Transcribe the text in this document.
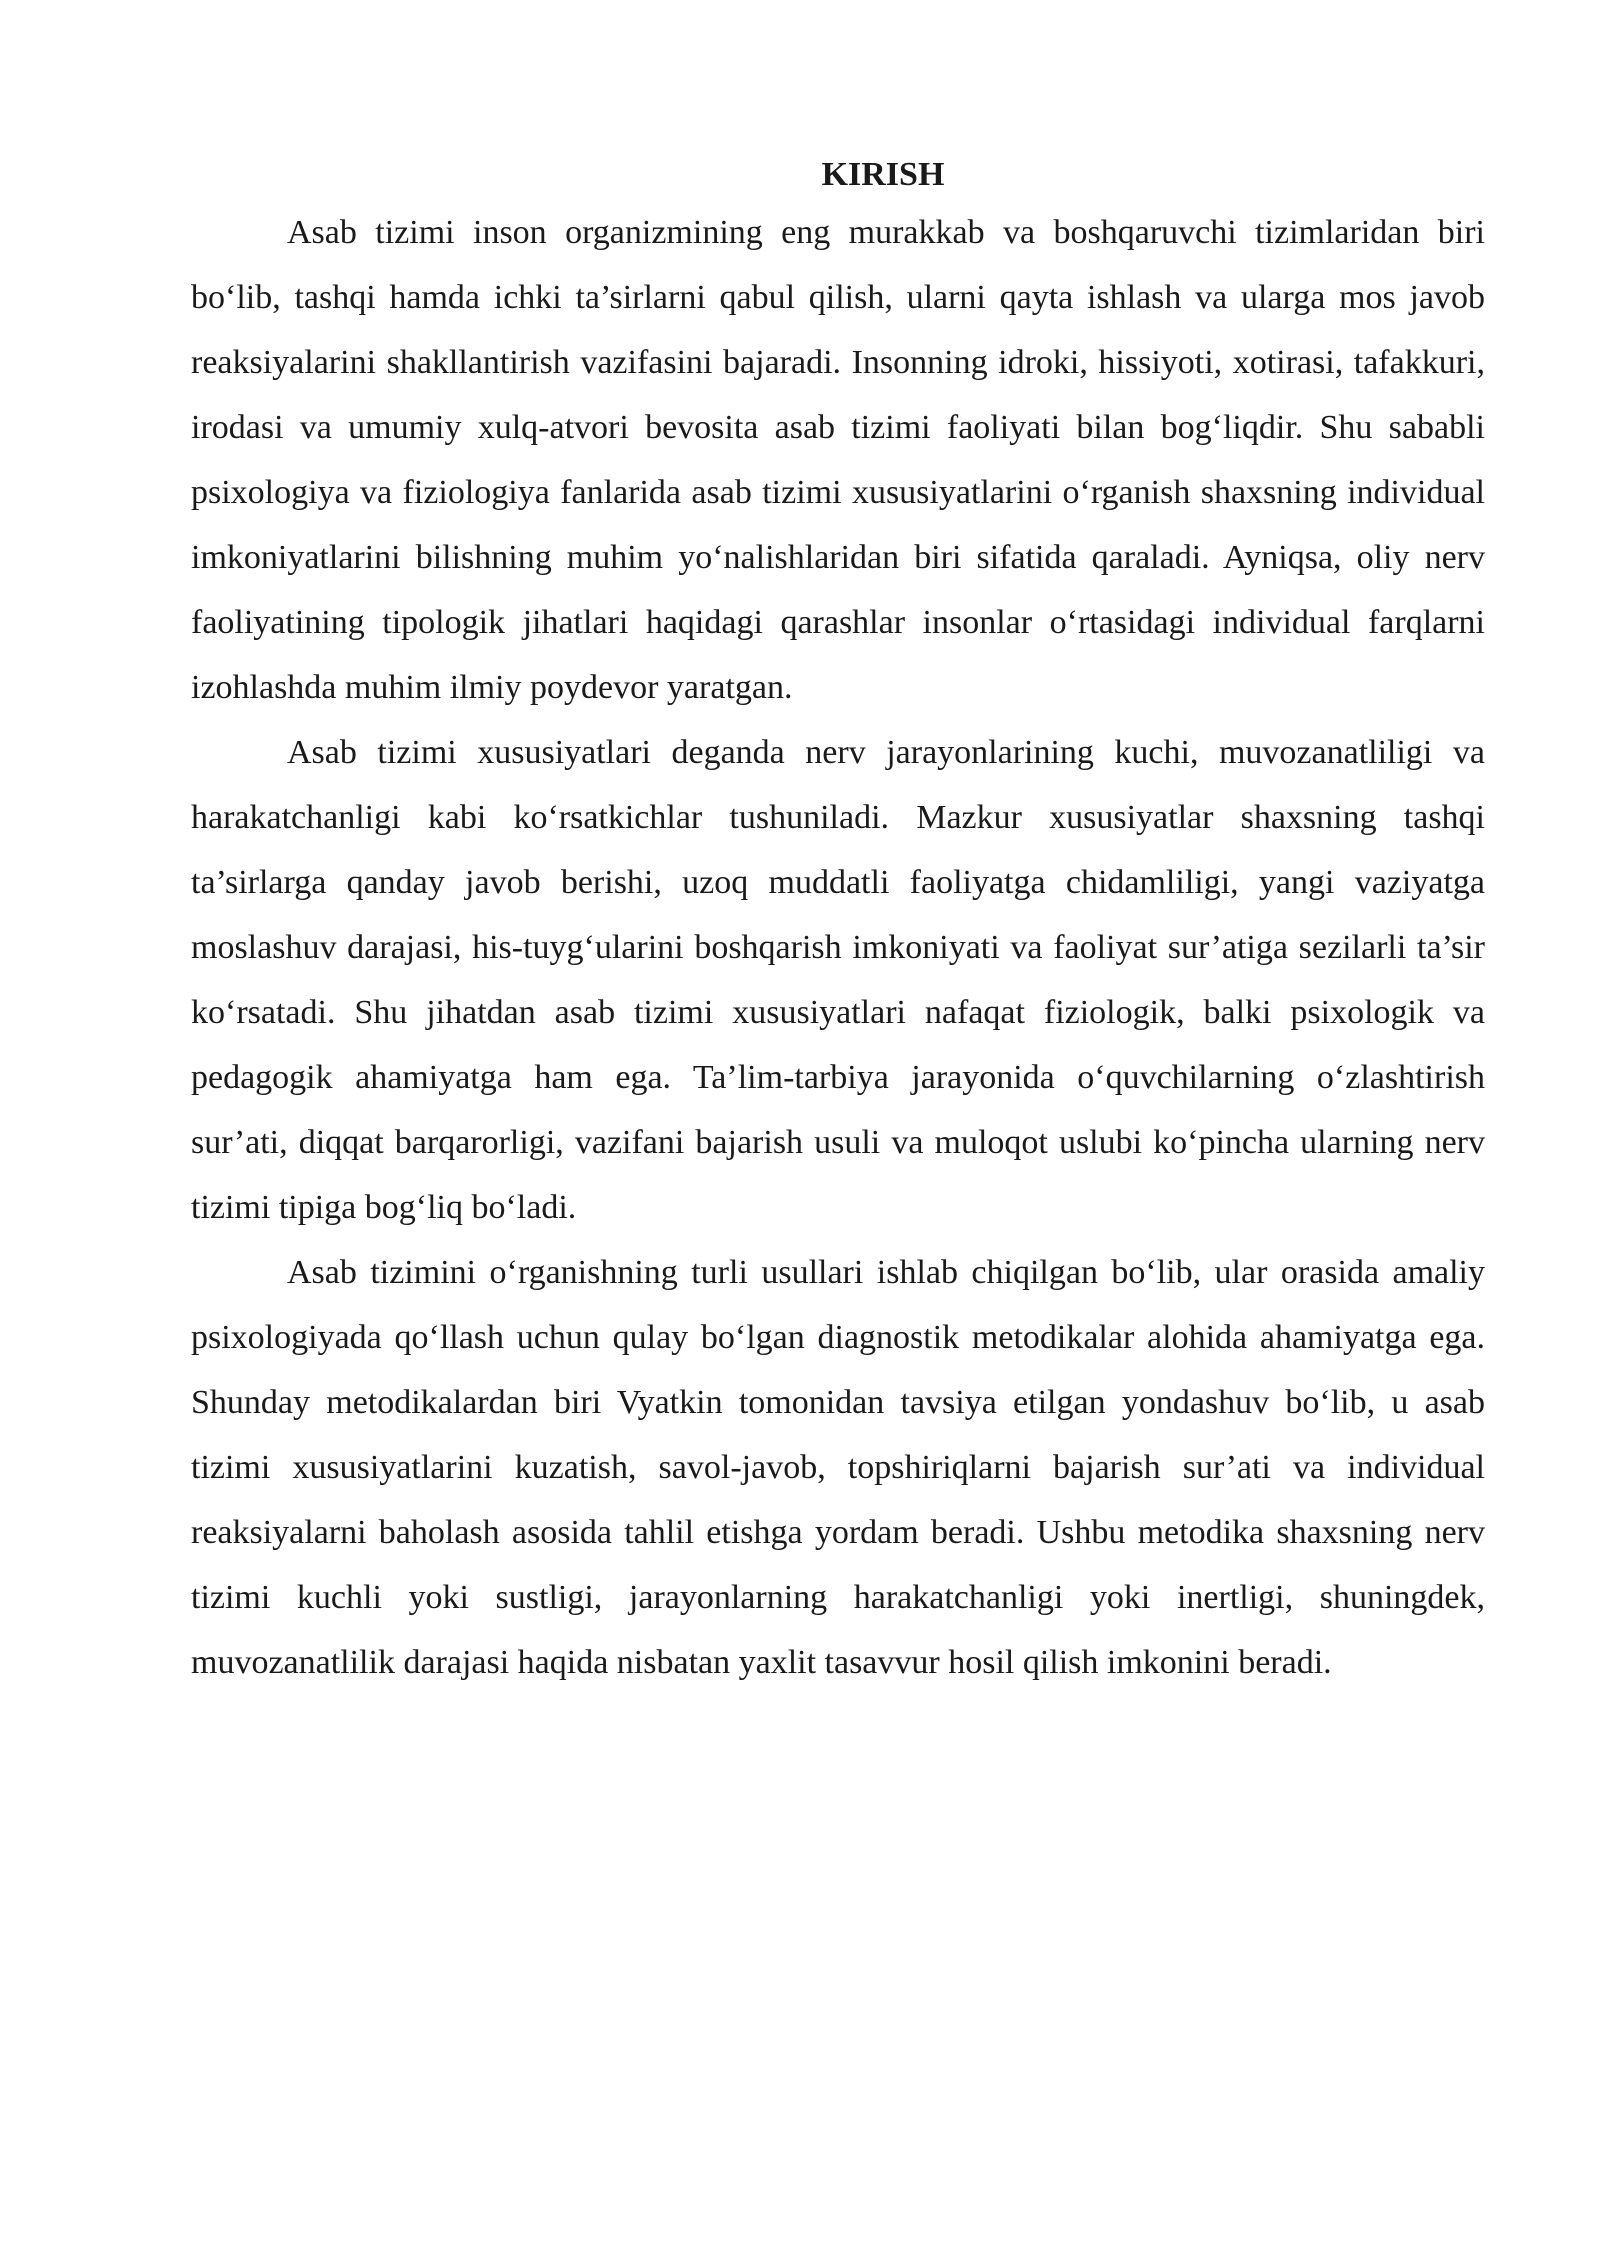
KIRISH

Asab tizimi inson organizmining eng murakkab va boshqaruvchi tizimlaridan biri bo‘lib, tashqi hamda ichki ta’sirlarni qabul qilish, ularni qayta ishlash va ularga mos javob reaksiyalarini shakllantirish vazifasini bajaradi. Insonning idroki, hissiyoti, xotirasi, tafakkuri, irodasi va umumiy xulq-atvori bevosita asab tizimi faoliyati bilan bog‘liqdir. Shu sababli psixologiya va fiziologiya fanlarida asab tizimi xususiyatlarini o‘rganish shaxsning individual imkoniyatlarini bilishning muhim yo‘nalishlaridan biri sifatida qaraladi. Ayniqsa, oliy nerv faoliyatining tipologik jihatlari haqidagi qarashlar insonlar o‘rtasidagi individual farqlarni izohlashda muhim ilmiy poydevor yaratgan.

Asab tizimi xususiyatlari deganda nerv jarayonlarining kuchi, muvozanatliligi va harakatchanligi kabi ko‘rsatkichlar tushuniladi. Mazkur xususiyatlar shaxsning tashqi ta’sirlarga qanday javob berishi, uzoq muddatli faoliyatga chidamliligi, yangi vaziyatga moslashuv darajasi, his-tuyg‘ularini boshqarish imkoniyati va faoliyat sur’atiga sezilarli ta’sir ko‘rsatadi. Shu jihatdan asab tizimi xususiyatlari nafaqat fiziologik, balki psixologik va pedagogik ahamiyatga ham ega. Ta’lim-tarbiya jarayonida o‘quvchilarning o‘zlashtirish sur’ati, diqqat barqarorligi, vazifani bajarish usuli va muloqot uslubi ko‘pincha ularning nerv tizimi tipiga bog‘liq bo‘ladi.

Asab tizimini o‘rganishning turli usullari ishlab chiqilgan bo‘lib, ular orasida amaliy psixologiyada qo‘llash uchun qulay bo‘lgan diagnostik metodikalar alohida ahamiyatga ega. Shunday metodikalardan biri Vyatkin tomonidan tavsiya etilgan yondashuv bo‘lib, u asab tizimi xususiyatlarini kuzatish, savol-javob, topshiriqlarni bajarish sur’ati va individual reaksiyalarni baholash asosida tahlil etishga yordam beradi. Ushbu metodika shaxsning nerv tizimi kuchli yoki sustligi, jarayonlarning harakatchanligi yoki inertligi, shuningdek, muvozanatlilik darajasi haqida nisbatan yaxlit tasavvur hosil qilish imkonini beradi.
